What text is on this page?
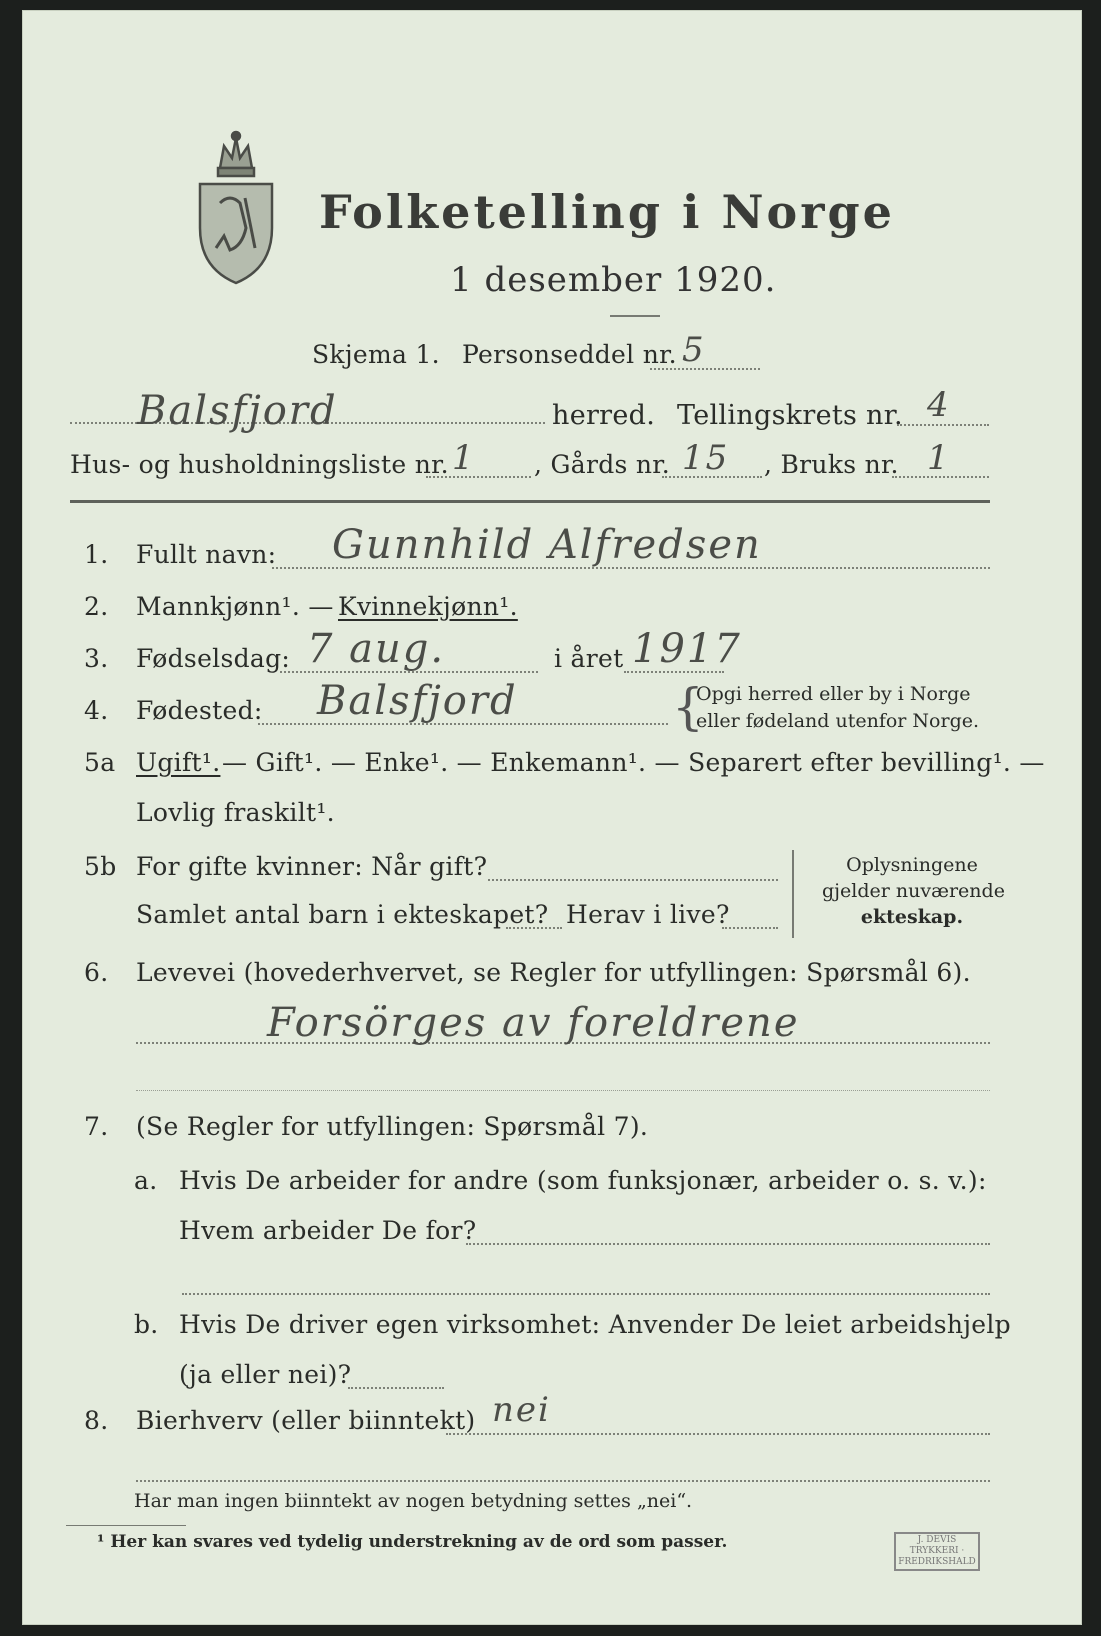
Folketelling i Norge
1 desember 1920.
Skjema 1. Personseddel nr. 5
Balsfjord	herred. Tellingskrets nr. 4
Hus- og husholdningsliste nr. 1 , Gårds nr. 15 , Bruks nr. 1
1. Fullt navn: Gunnhild Alfredsen
2. Mannkjønn¹. — Kvinnekjønn¹.
3. Fødselsdag: 7 aug.	i året 1917
4. Fødested: Balsfjord	{
Opgi herred eller by i Norge
eller fødeland utenfor Norge.
5a Ugift¹. — Gift¹. — Enke¹. — Enkemann¹. — Separert efter bevilling¹. —
Lovlig fraskilt¹.
5b For gifte kvinner: Når gift?
Samlet antal barn i ekteskapet? Herav i live?
Oplysningene
gjelder nuværende
ekteskap.
6. Levevei (hovederhvervet, se Regler for utfyllingen: Spørsmål 6).
Forsörges av foreldrene
7. (Se Regler for utfyllingen: Spørsmål 7).
a. Hvis De arbeider for andre (som funksjonær, arbeider o. s. v.):
Hvem arbeider De for?
b. Hvis De driver egen virksomhet: Anvender De leiet arbeidshjelp
(ja eller nei)?
8. Bierhverv (eller biinntekt) nei
Har man ingen biinntekt av nogen betydning settes „nei“.
¹ Her kan svares ved tydelig understrekning av de ord som passer.	J. DEVIS TRYKKERI · FREDRIKSHALD
